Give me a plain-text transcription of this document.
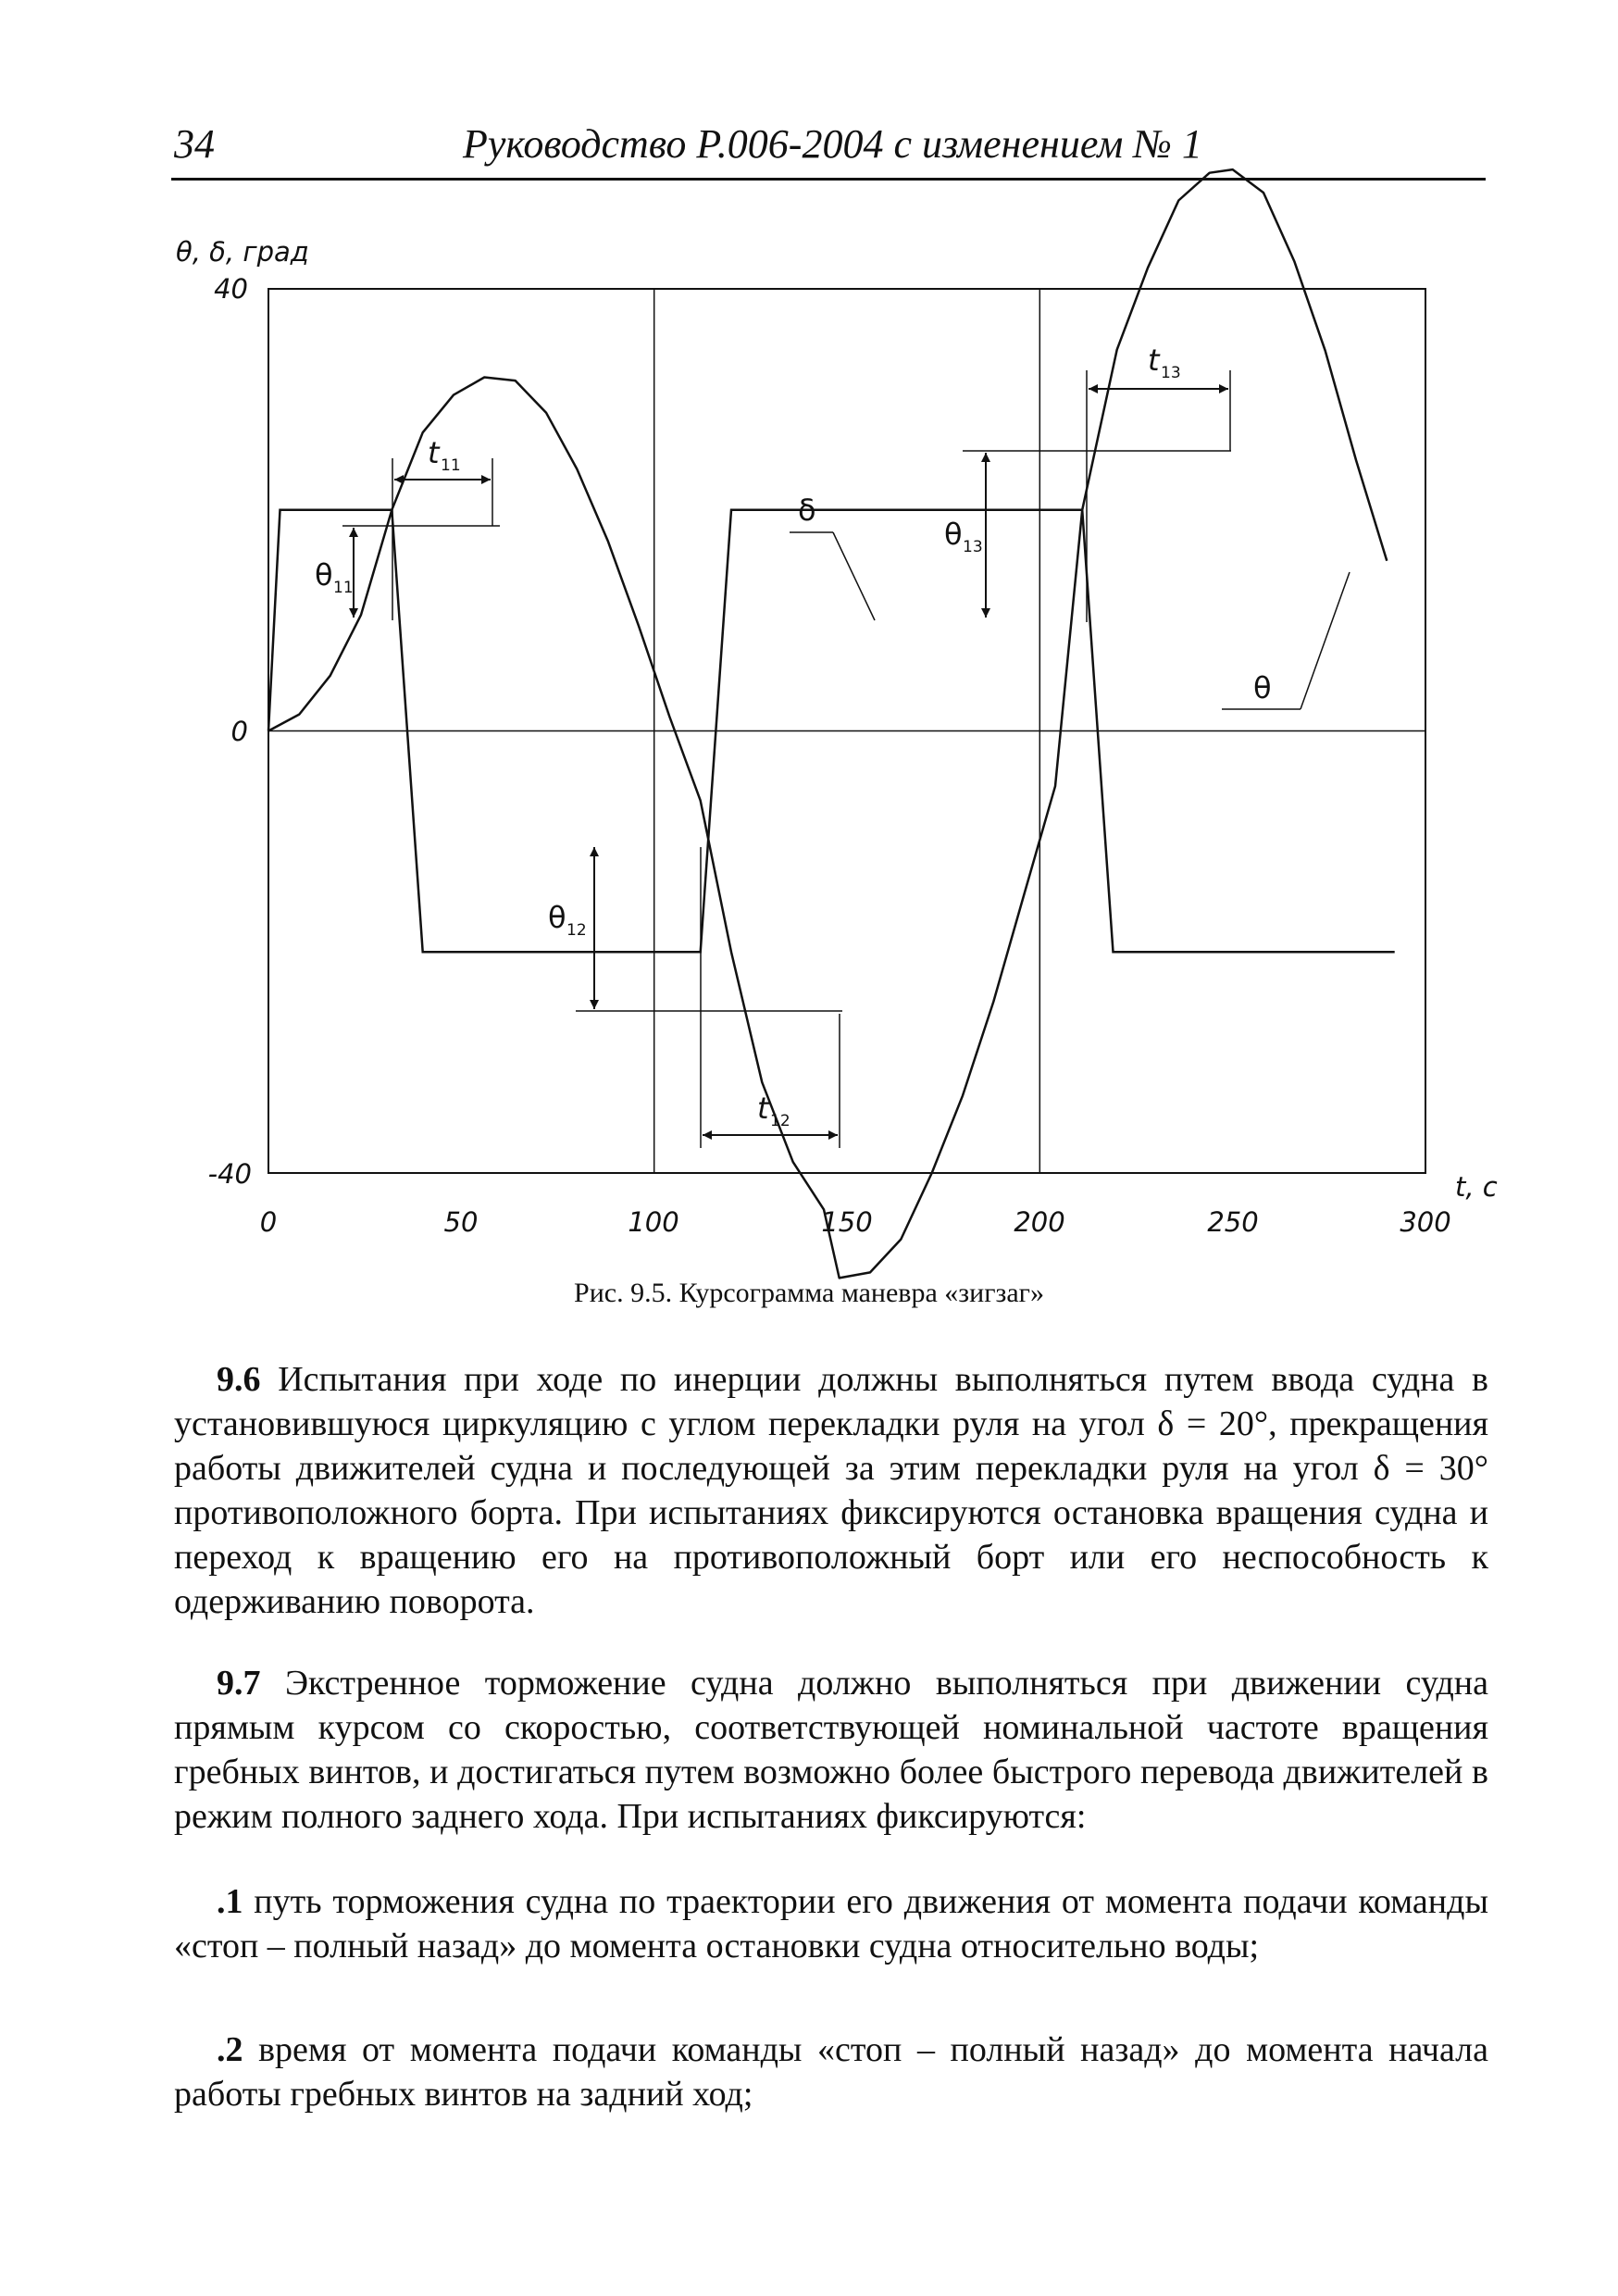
34	Руководство Р.006-2004 с изменением № 1
θ, δ, град
t, с
40
0
-40
0	50	100	150	200	250	300
θ 11
t 11
θ 12
t 12
θ 13
t 13
δ
θ
Рис. 9.5. Курсограмма маневра «зигзаг»

9.6 Испытания при ходе по инерции должны выполняться путем ввода судна в установившуюся циркуляцию с углом перекладки руля на угол δ = 20°, прекращения работы движителей судна и последующей за этим перекладки руля на угол δ = 30° противоположного борта. При испытаниях фиксируются остановка вращения судна и переход к вращению его на противоположный борт или его неспособность к одерживанию поворота.

9.7 Экстренное торможение судна должно выполняться при движении судна прямым курсом со скоростью, соответствующей номинальной частоте вращения гребных винтов, и достигаться путем возможно более быстрого перевода движителей в режим полного заднего хода. При испытаниях фиксируются:

.1 путь торможения судна по траектории его движения от момента подачи команды «стоп – полный назад» до момента остановки судна относительно воды;

.2 время от момента подачи команды «стоп – полный назад» до момента начала работы гребных винтов на задний ход;
